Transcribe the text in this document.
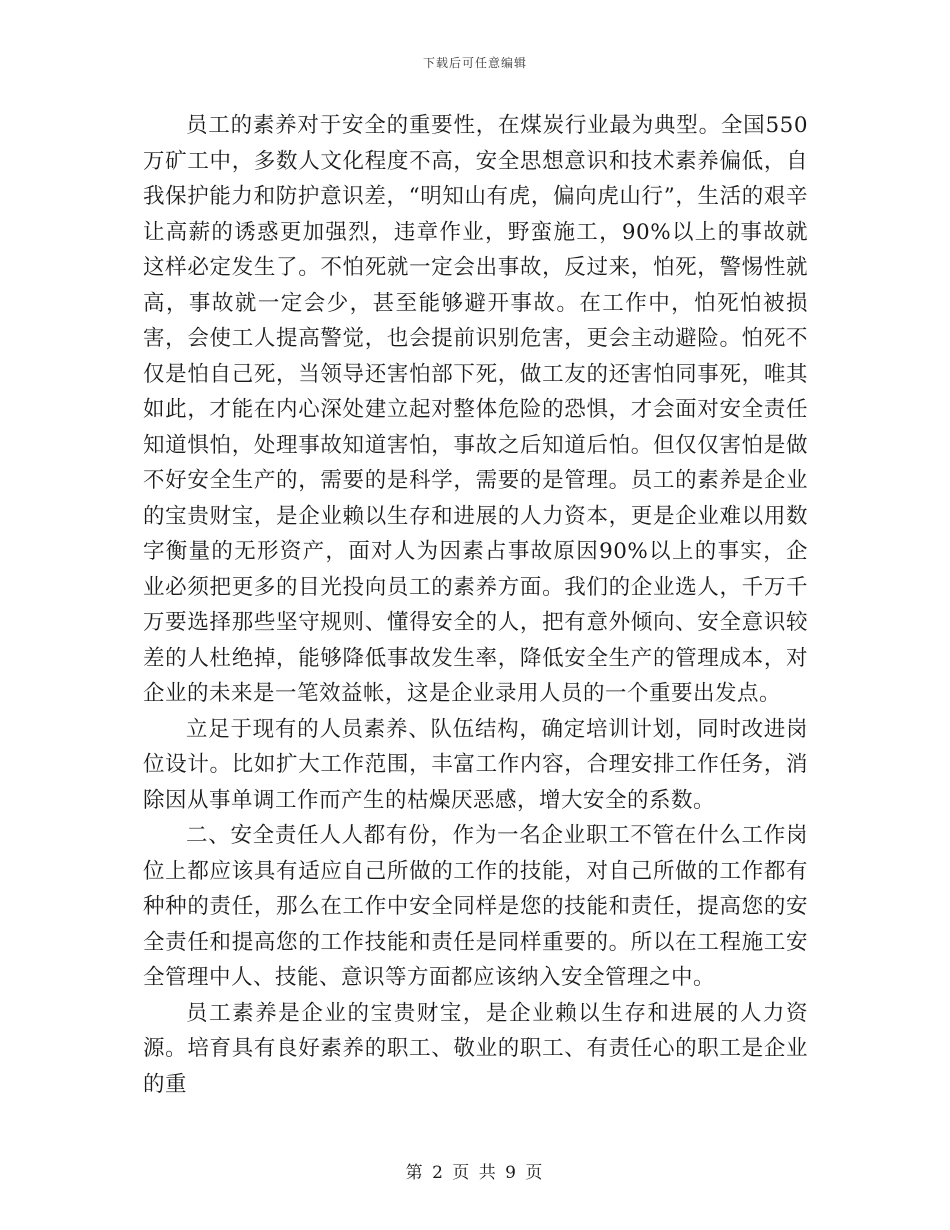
下载后可任意编辑

员工的素养对于安全的重要性，在煤炭行业最为典型。全国550万矿工中，多数人文化程度不高，安全思想意识和技术素养偏低，自我保护能力和防护意识差，“明知山有虎，偏向虎山行”，生活的艰辛让高薪的诱惑更加强烈，违章作业，野蛮施工，90%以上的事故就这样必定发生了。不怕死就一定会出事故，反过来，怕死，警惕性就高，事故就一定会少，甚至能够避开事故。在工作中，怕死怕被损害，会使工人提高警觉，也会提前识别危害，更会主动避险。怕死不仅是怕自己死，当领导还害怕部下死，做工友的还害怕同事死，唯其如此，才能在内心深处建立起对整体危险的恐惧，才会面对安全责任知道惧怕，处理事故知道害怕，事故之后知道后怕。但仅仅害怕是做不好安全生产的，需要的是科学，需要的是管理。员工的素养是企业的宝贵财宝，是企业赖以生存和进展的人力资本，更是企业难以用数字衡量的无形资产，面对人为因素占事故原因90%以上的事实，企业必须把更多的目光投向员工的素养方面。我们的企业选人，千万千万要选择那些坚守规则、懂得安全的人，把有意外倾向、安全意识较差的人杜绝掉，能够降低事故发生率，降低安全生产的管理成本，对企业的未来是一笔效益帐，这是企业录用人员的一个重要出发点。

立足于现有的人员素养、队伍结构，确定培训计划，同时改进岗位设计。比如扩大工作范围，丰富工作内容，合理安排工作任务，消除因从事单调工作而产生的枯燥厌恶感，增大安全的系数。

二、安全责任人人都有份，作为一名企业职工不管在什么工作岗位上都应该具有适应自己所做的工作的技能，对自己所做的工作都有种种的责任，那么在工作中安全同样是您的技能和责任，提高您的安全责任和提高您的工作技能和责任是同样重要的。所以在工程施工安全管理中人、技能、意识等方面都应该纳入安全管理之中。

员工素养是企业的宝贵财宝，是企业赖以生存和进展的人力资源。培育具有良好素养的职工、敬业的职工、有责任心的职工是企业的重

第 2 页 共 9 页
